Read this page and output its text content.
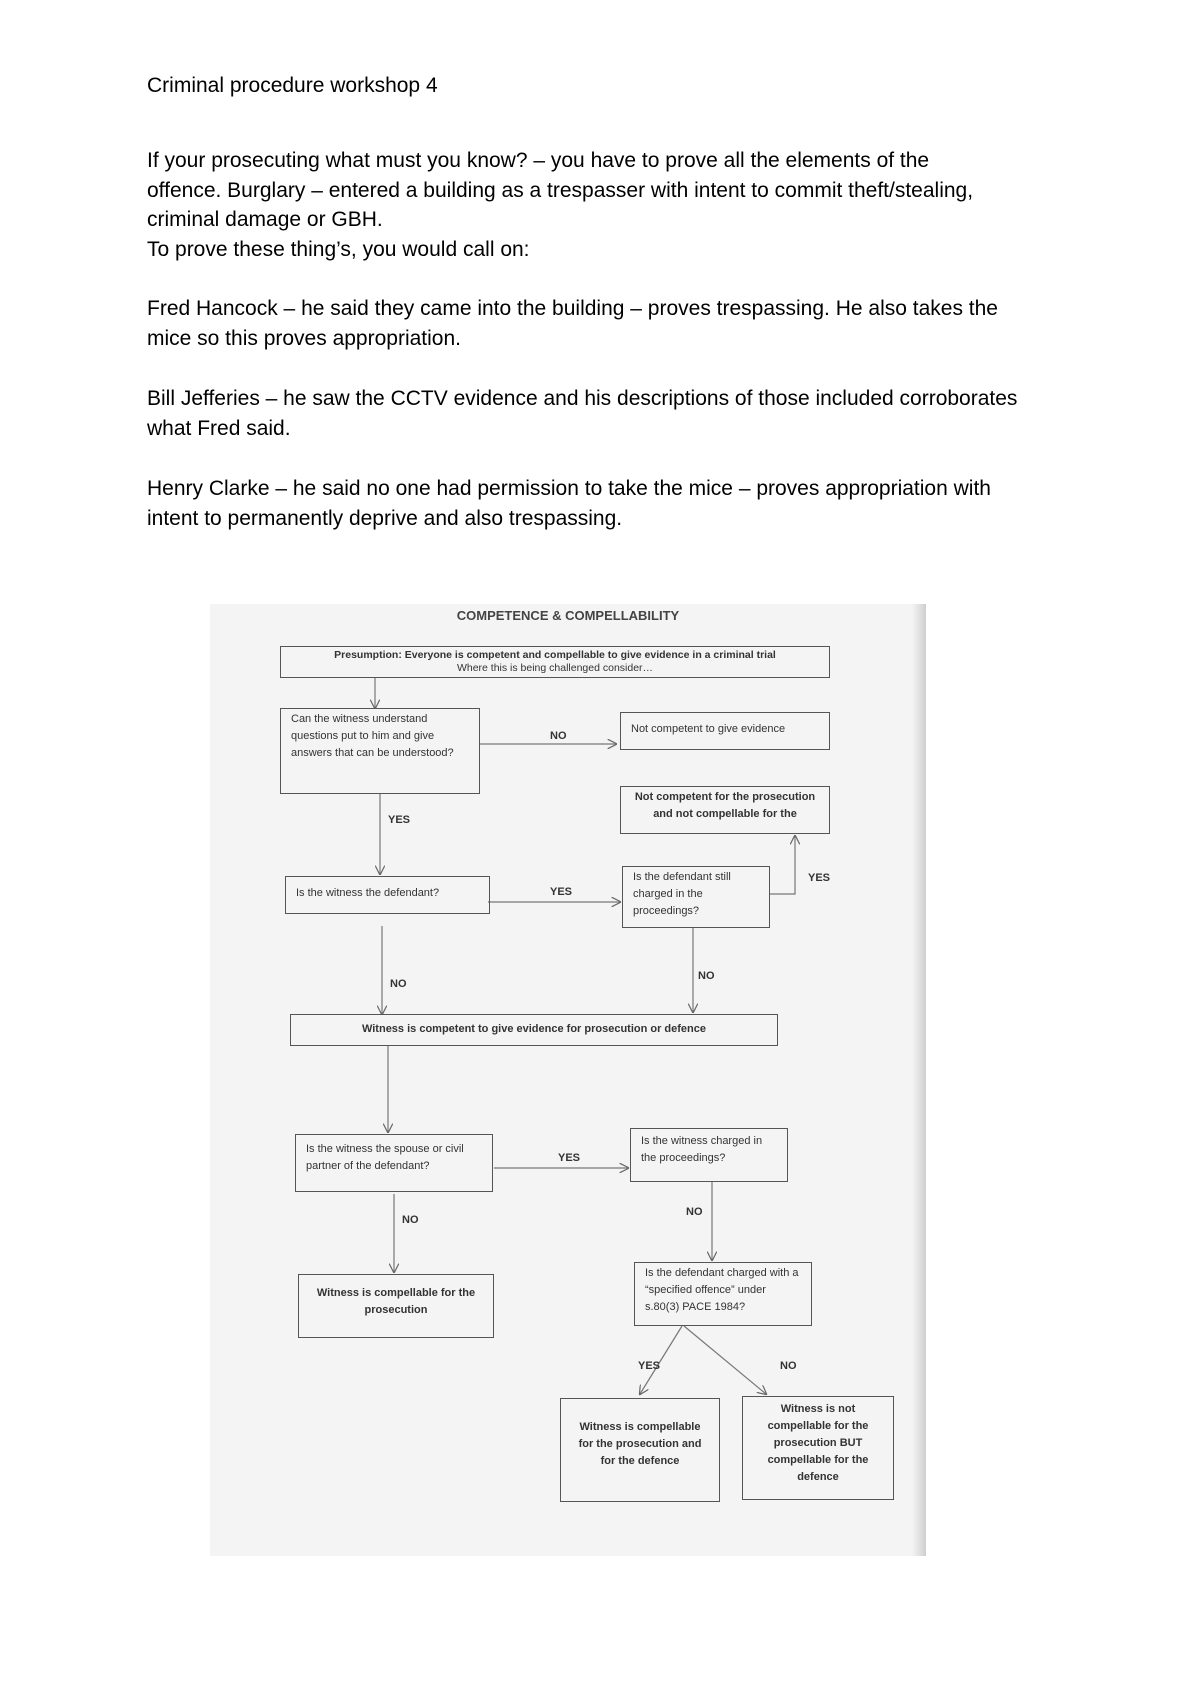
Criminal procedure workshop 4
If your prosecuting what must you know? – you have to prove all the elements of the
offence. Burglary – entered a building as a trespasser with intent to commit theft/stealing,
criminal damage or GBH.
To prove these thing’s, you would call on:
Fred Hancock – he said they came into the building – proves trespassing. He also takes the
mice so this proves appropriation.
Bill Jefferies – he saw the CCTV evidence and his descriptions of those included corroborates
what Fred said.
Henry Clarke – he said no one had permission to take the mice – proves appropriation with
intent to permanently deprive and also trespassing.
COMPETENCE & COMPELLABILITY
Presumption: Everyone is competent and compellable to give evidence in a criminal trial
Where this is being challenged consider…
Can the witness understand questions put to him and give answers that can be understood?
Not competent to give evidence
Not competent for the prosecution and not compellable for the
Is the witness the defendant?
Is the defendant still charged in the proceedings?
Witness is competent to give evidence for prosecution or defence
Is the witness the spouse or civil partner of the defendant?
Is the witness charged in the proceedings?
Witness is compellable for the prosecution
Is the defendant charged with a “specified offence” under s.80(3) PACE 1984?
Witness is compellable for the prosecution and for the defence
Witness is not compellable for the prosecution BUT compellable for the defence
NO
YES
YES
YES
NO
NO
YES
NO
NO
YES	NO
